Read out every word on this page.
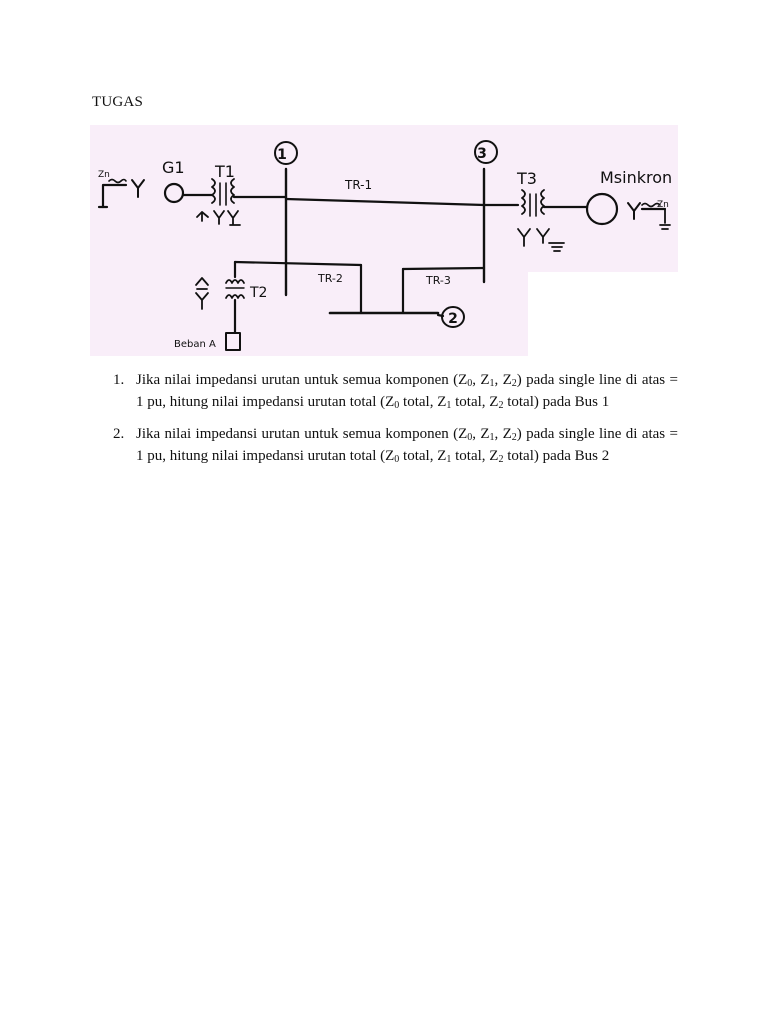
TUGAS
Zn	G1 T1
1	3
2
TR-1
TR-2	TR-3
T3	Msinkron
Zn
T2
Beban A
1. Jika nilai impedansi urutan untuk semua komponen ($Z_0$, $Z_1$, $Z_2$) pada single line di atas = 1 pu, hitung nilai impedansi urutan total ($Z_0$ total, $Z_1$ total, $Z_2$ total) pada Bus 1
2. Jika nilai impedansi urutan untuk semua komponen ($Z_0$, $Z_1$, $Z_2$) pada single line di atas = 1 pu, hitung nilai impedansi urutan total ($Z_0$ total, $Z_1$ total, $Z_2$ total) pada Bus 2
